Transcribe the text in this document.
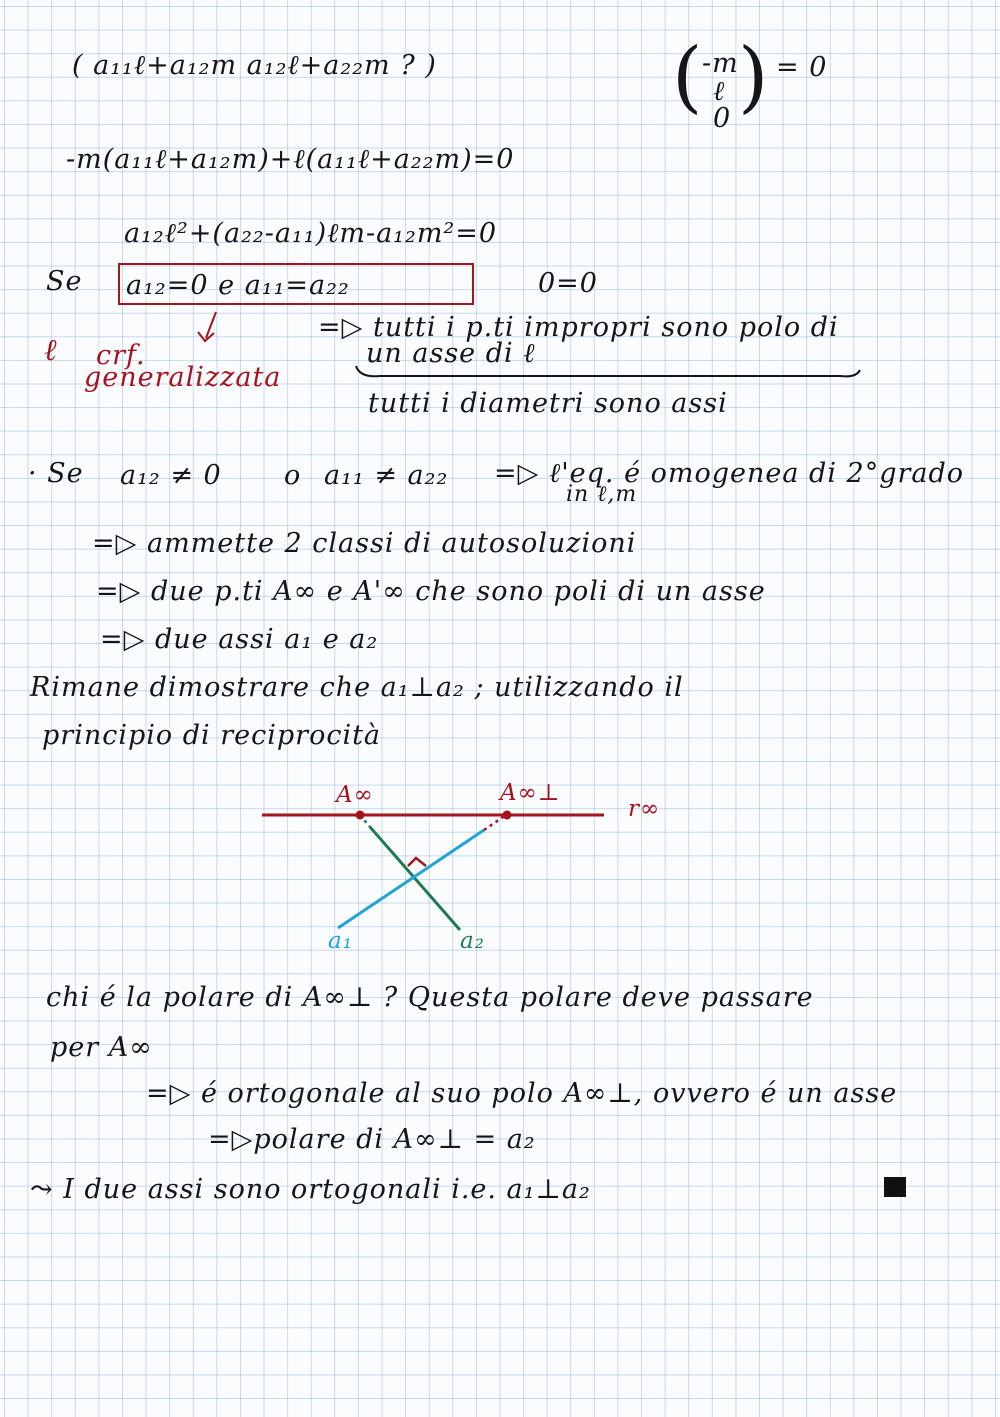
( a₁₁ℓ+a₁₂m a₁₂ℓ+a₂₂m ? )	( -m

ℓ

0 ) = 0

-m(a₁₁ℓ+a₁₂m)+ℓ(a₁₁ℓ+a₂₂m)=0

a₁₂ℓ²+(a₂₂-a₁₁)ℓm-a₁₂m²=0

Se a₁₂=0 e a₁₁=a₂₂	0=0

ℓ crf.

generalizzata

=▷ tutti i p.ti impropri sono polo di

un asse di ℓ

tutti i diametri sono assi

· Se a₁₂ ≠ 0 o a₁₁ ≠ a₂₂ =▷ ℓ'eq. é omogenea di 2°grado

in ℓ,m

=▷ ammette 2 classi di autosoluzioni

=▷ due p.ti A∞ e A'∞ che sono poli di un asse

=▷ due assi a₁ e a₂

Rimane dimostrare che a₁⊥a₂ ; utilizzando il

principio di reciprocità

A∞	A∞⊥

r∞

a₁	a₂

chi é la polare di A∞⊥ ? Questa polare deve passare

per A∞

=▷ é ortogonale al suo polo A∞⊥, ovvero é un asse

=▷polare di A∞⊥ = a₂

⤳ I due assi sono ortogonali i.e. a₁⊥a₂
